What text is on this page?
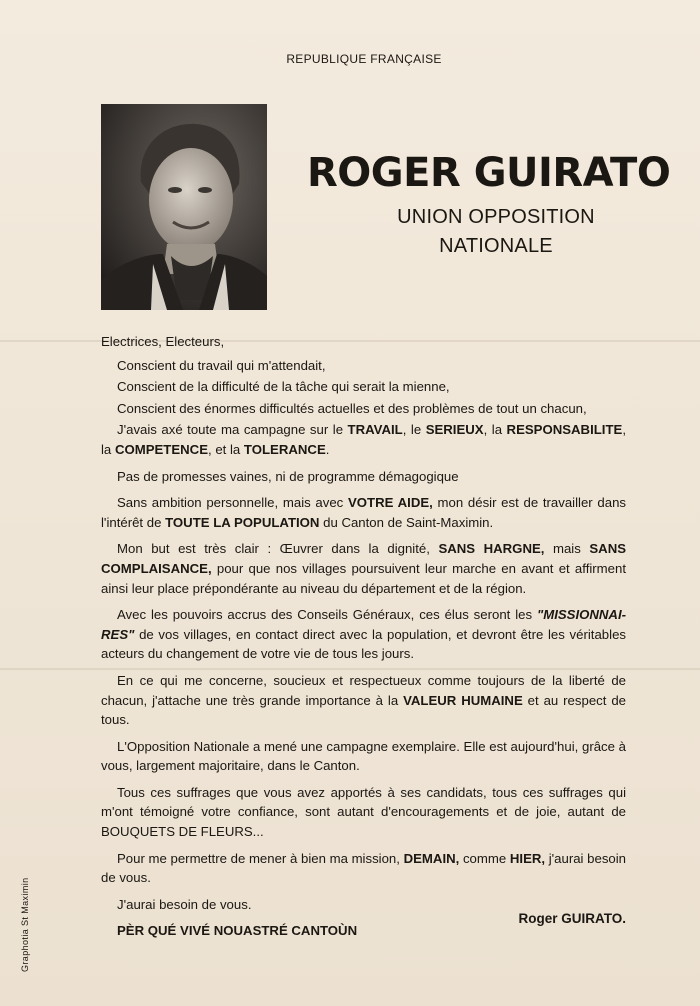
REPUBLIQUE FRANÇAISE
ROGER GUIRATO
UNION OPPOSITION
NATIONALE

Electrices, Electeurs,

Conscient du travail qui m'attendait,

Conscient de la difficulté de la tâche qui serait la mienne,

Conscient des énormes difficultés actuelles et des problèmes de tout un chacun,

J'avais axé toute ma campagne sur le TRAVAIL, le SERIEUX, la RESPONSABILITE, la COMPETENCE, et la TOLERANCE.

Pas de promesses vaines, ni de programme démagogique

Sans ambition personnelle, mais avec VOTRE AIDE, mon désir est de travailler dans l'intérêt de TOUTE LA POPULATION du Canton de Saint-Maximin.

Mon but est très clair : Œuvrer dans la dignité, SANS HARGNE, mais SANS COMPLAISANCE, pour que nos villages poursuivent leur marche en avant et affirment ainsi leur place prépondérante au niveau du département et de la région.

Avec les pouvoirs accrus des Conseils Généraux, ces élus seront les "MISSIONNAI-RES" de vos villages, en contact direct avec la population, et devront être les véritables acteurs du changement de votre vie de tous les jours.

En ce qui me concerne, soucieux et respectueux comme toujours de la liberté de chacun, j'attache une très grande importance à la VALEUR HUMAINE et au respect de tous.

L'Opposition Nationale a mené une campagne exemplaire. Elle est aujourd'hui, grâce à vous, largement majoritaire, dans le Canton.

Tous ces suffrages que vous avez apportés à ses candidats, tous ces suffrages qui m'ont témoigné votre confiance, sont autant d'encouragements et de joie, autant de BOUQUETS DE FLEURS...

Pour me permettre de mener à bien ma mission, DEMAIN, comme HIER, j'aurai besoin de vous.

J'aurai besoin de vous.

PÈR QUÉ VIVÉ NOUASTRÉ CANTOÙN

Roger GUIRATO.
Graphotia St Maximin
